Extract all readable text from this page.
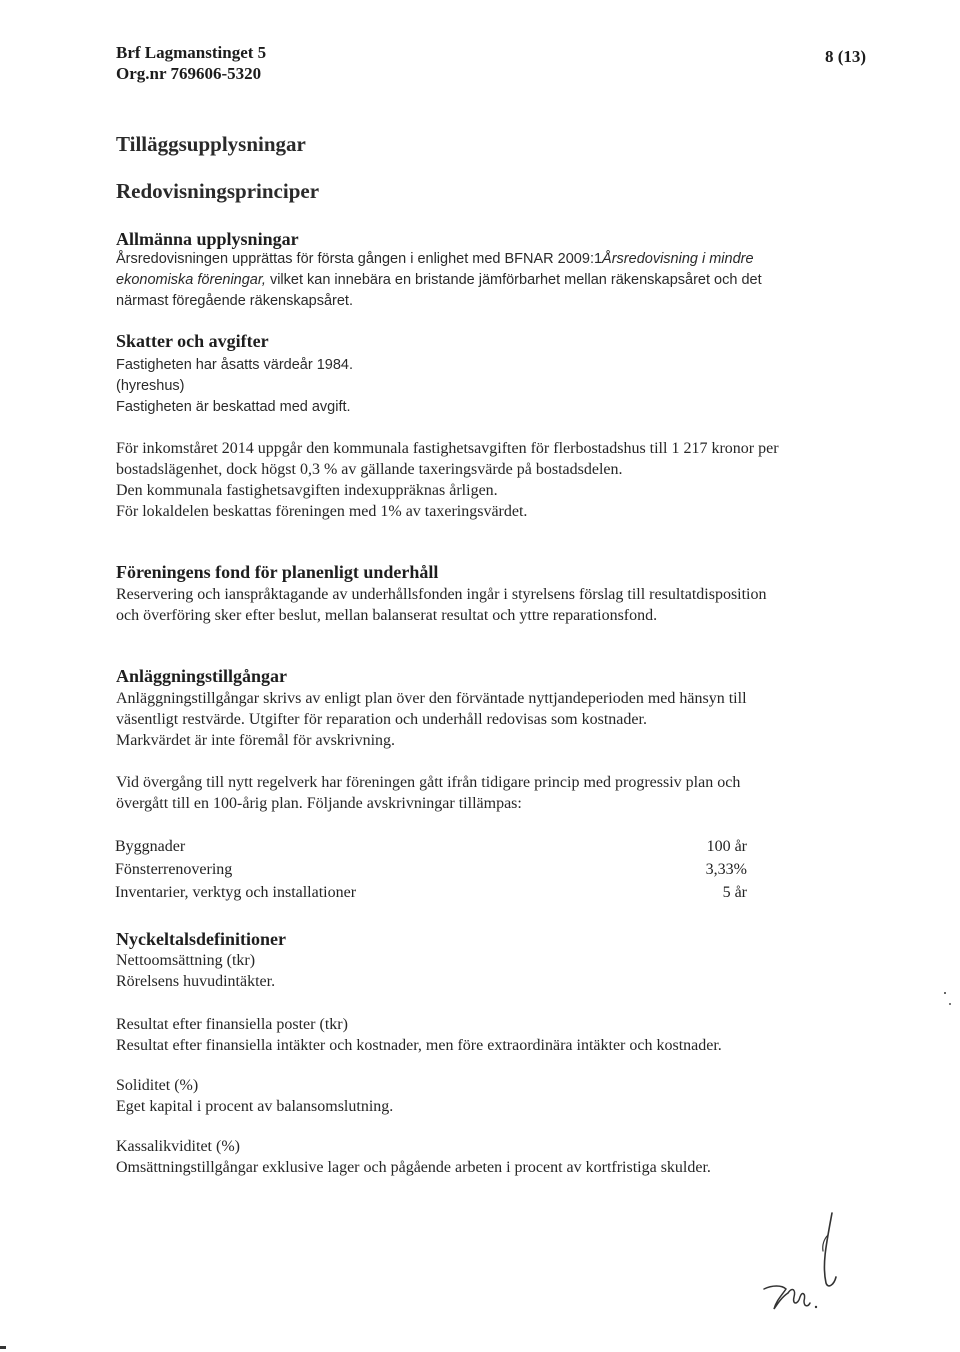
Brf Lagmanstinget 5
Org.nr 769606-5320
8 (13)
Tilläggsupplysningar
Redovisningsprinciper
Allmänna upplysningar
Årsredovisningen upprättas för första gången i enlighet med BFNAR 2009:1Årsredovisning i mindre
ekonomiska föreningar, vilket kan innebära en bristande jämförbarhet mellan räkenskapsåret och det
närmast föregående räkenskapsåret.
Skatter och avgifter
Fastigheten har åsatts värdeår 1984.
(hyreshus)
Fastigheten är beskattad med avgift.
För inkomståret 2014 uppgår den kommunala fastighetsavgiften för flerbostadshus till 1 217 kronor per
bostadslägenhet, dock högst 0,3 % av gällande taxeringsvärde på bostadsdelen.
Den kommunala fastighetsavgiften indexuppräknas årligen.
För lokaldelen beskattas föreningen med 1% av taxeringsvärdet.
Föreningens fond för planenligt underhåll
Reservering och ianspråktagande av underhållsfonden ingår i styrelsens förslag till resultatdisposition
och överföring sker efter beslut, mellan balanserat resultat och yttre reparationsfond.
Anläggningstillgångar
Anläggningstillgångar skrivs av enligt plan över den förväntade nyttjandeperioden med hänsyn till
väsentligt restvärde. Utgifter för reparation och underhåll redovisas som kostnader.
Markvärdet är inte föremål för avskrivning.
Vid övergång till nytt regelverk har föreningen gått ifrån tidigare princip med progressiv plan och
övergått till en 100-årig plan. Följande avskrivningar tillämpas:
Byggnader	100 år
Fönsterrenovering	3,33%
Inventarier, verktyg och installationer	5 år
Nyckeltalsdefinitioner
Nettoomsättning (tkr)
Rörelsens huvudintäkter.
Resultat efter finansiella poster (tkr)
Resultat efter finansiella intäkter och kostnader, men före extraordinära intäkter och kostnader.
Soliditet (%)
Eget kapital i procent av balansomslutning.
Kassalikviditet (%)
Omsättningstillgångar exklusive lager och pågående arbeten i procent av kortfristiga skulder.
